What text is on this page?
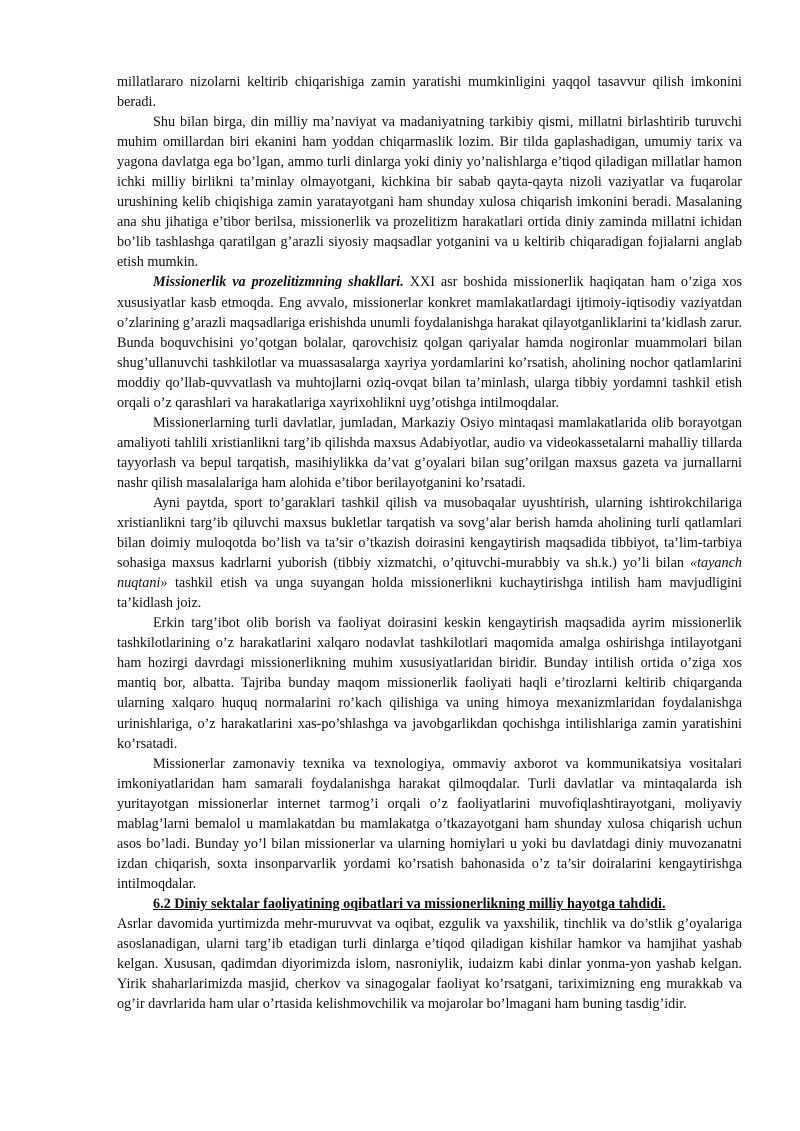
millatlararo nizolarni keltirib chiqarishiga zamin yaratishi mumkinligini yaqqol tasavvur qilish imkonini beradi.

Shu bilan birga, din milliy ma’naviyat va madaniyatning tarkibiy qismi, millatni birlashtirib turuvchi muhim omillardan biri ekanini ham yoddan chiqarmaslik lozim. Bir tilda gaplashadigan, umumiy tarix va yagona davlatga ega bo’lgan, ammo turli dinlarga yoki diniy yo’nalishlarga e’tiqod qiladigan millatlar hamon ichki milliy birlikni ta’minlay olmayotgani, kichkina bir sabab qayta-qayta nizoli vaziyatlar va fuqarolar urushining kelib chiqishiga zamin yaratayotgani ham shunday xulosa chiqarish imkonini beradi. Masalaning ana shu jihatiga e’tibor berilsa, missionerlik va prozelitizm harakatlari ortida diniy zaminda millatni ichidan bo’lib tashlashga qaratilgan g’arazli siyosiy maqsadlar yotganini va u keltirib chiqaradigan fojialarni anglab etish mumkin.

Missionerlik va prozelitizmning shakllari. XXI asr boshida missionerlik haqiqatan ham o’ziga xos xususiyatlar kasb etmoqda. Eng avvalo, missionerlar konkret mamlakatlardagi ijtimoiy-iqtisodiy vaziyatdan o’zlarining g’arazli maqsadlariga erishishda unumli foydalanishga harakat qilayotganliklarini ta’kidlash zarur. Bunda boquvchisini yo’qotgan bolalar, qarovchisiz qolgan qariyalar hamda nogironlar muammolari bilan shug’ullanuvchi tashkilotlar va muassasalarga xayriya yordamlarini ko’rsatish, aholining nochor qatlamlarini moddiy qo’llab-quvvatlash va muhtojlarni oziq-ovqat bilan ta’minlash, ularga tibbiy yordamni tashkil etish orqali o’z qarashlari va harakatlariga xayrixohlikni uyg’otishga intilmoqdalar.

Missionerlarning turli davlatlar, jumladan, Markaziy Osiyo mintaqasi mamlakatlarida olib borayotgan amaliyoti tahlili xristianlikni targ’ib qilishda maxsus Adabiyotlar, audio va videokassetalarni mahalliy tillarda tayyorlash va bepul tarqatish, masihiylikka da’vat g’oyalari bilan sug’orilgan maxsus gazeta va jurnallarni nashr qilish masalalariga ham alohida e’tibor berilayotganini ko’rsatadi.

Ayni paytda, sport to’garaklari tashkil qilish va musobaqalar uyushtirish, ularning ishtirokchilariga xristianlikni targ’ib qiluvchi maxsus bukletlar tarqatish va sovg’alar berish hamda aholining turli qatlamlari bilan doimiy muloqotda bo’lish va ta’sir o’tkazish doirasini kengaytirish maqsadida tibbiyot, ta’lim-tarbiya sohasiga maxsus kadrlarni yuborish (tibbiy xizmatchi, o’qituvchi-murabbiy va sh.k.) yo’li bilan «tayanch nuqtani» tashkil etish va unga suyangan holda missionerlikni kuchaytirishga intilish ham mavjudligini ta’kidlash joiz.

Erkin targ’ibot olib borish va faoliyat doirasini keskin kengaytirish maqsadida ayrim missionerlik tashkilotlarining o’z harakatlarini xalqaro nodavlat tashkilotlari maqomida amalga oshirishga intilayotgani ham hozirgi davrdagi missionerlikning muhim xususiyatlaridan biridir. Bunday intilish ortida o’ziga xos mantiq bor, albatta. Tajriba bunday maqom missionerlik faoliyati haqli e’tirozlarni keltirib chiqarganda ularning xalqaro huquq normalarini ro’kach qilishiga va uning himoya mexanizmlaridan foydalanishga urinishlariga, o’z harakatlarini xas-po’shlashga va javobgarlikdan qochishga intilishlariga zamin yaratishini ko’rsatadi.

Missionerlar zamonaviy texnika va texnologiya, ommaviy axborot va kommunikatsiya vositalari imkoniyatlaridan ham samarali foydalanishga harakat qilmoqdalar. Turli davlatlar va mintaqalarda ish yuritayotgan missionerlar internet tarmog’i orqali o’z faoliyatlarini muvofiqlashtirayotgani, moliyaviy mablag’larni bemalol u mamlakatdan bu mamlakatga o’tkazayotgani ham shunday xulosa chiqarish uchun asos bo’ladi. Bunday yo’l bilan missionerlar va ularning homiylari u yoki bu davlatdagi diniy muvozanatni izdan chiqarish, soxta insonparvarlik yordami ko’rsatish bahonasida o’z ta’sir doiralarini kengaytirishga intilmoqdalar.

6.2 Diniy sektalar faoliyatining oqibatlari va missionerlikning milliy hayotga tahdidi.

Asrlar davomida yurtimizda mehr-muruvvat va oqibat, ezgulik va yaxshilik, tinchlik va do’stlik g’oyalariga asoslanadigan, ularni targ’ib etadigan turli dinlarga e’tiqod qiladigan kishilar hamkor va hamjihat yashab kelgan. Xususan, qadimdan diyorimizda islom, nasroniylik, iudaizm kabi dinlar yonma-yon yashab kelgan. Yirik shaharlarimizda masjid, cherkov va sinagogalar faoliyat ko’rsatgani, tariximizning eng murakkab va og’ir davrlarida ham ular o’rtasida kelishmovchilik va mojarolar bo’lmagani ham buning tasdig’idir.
